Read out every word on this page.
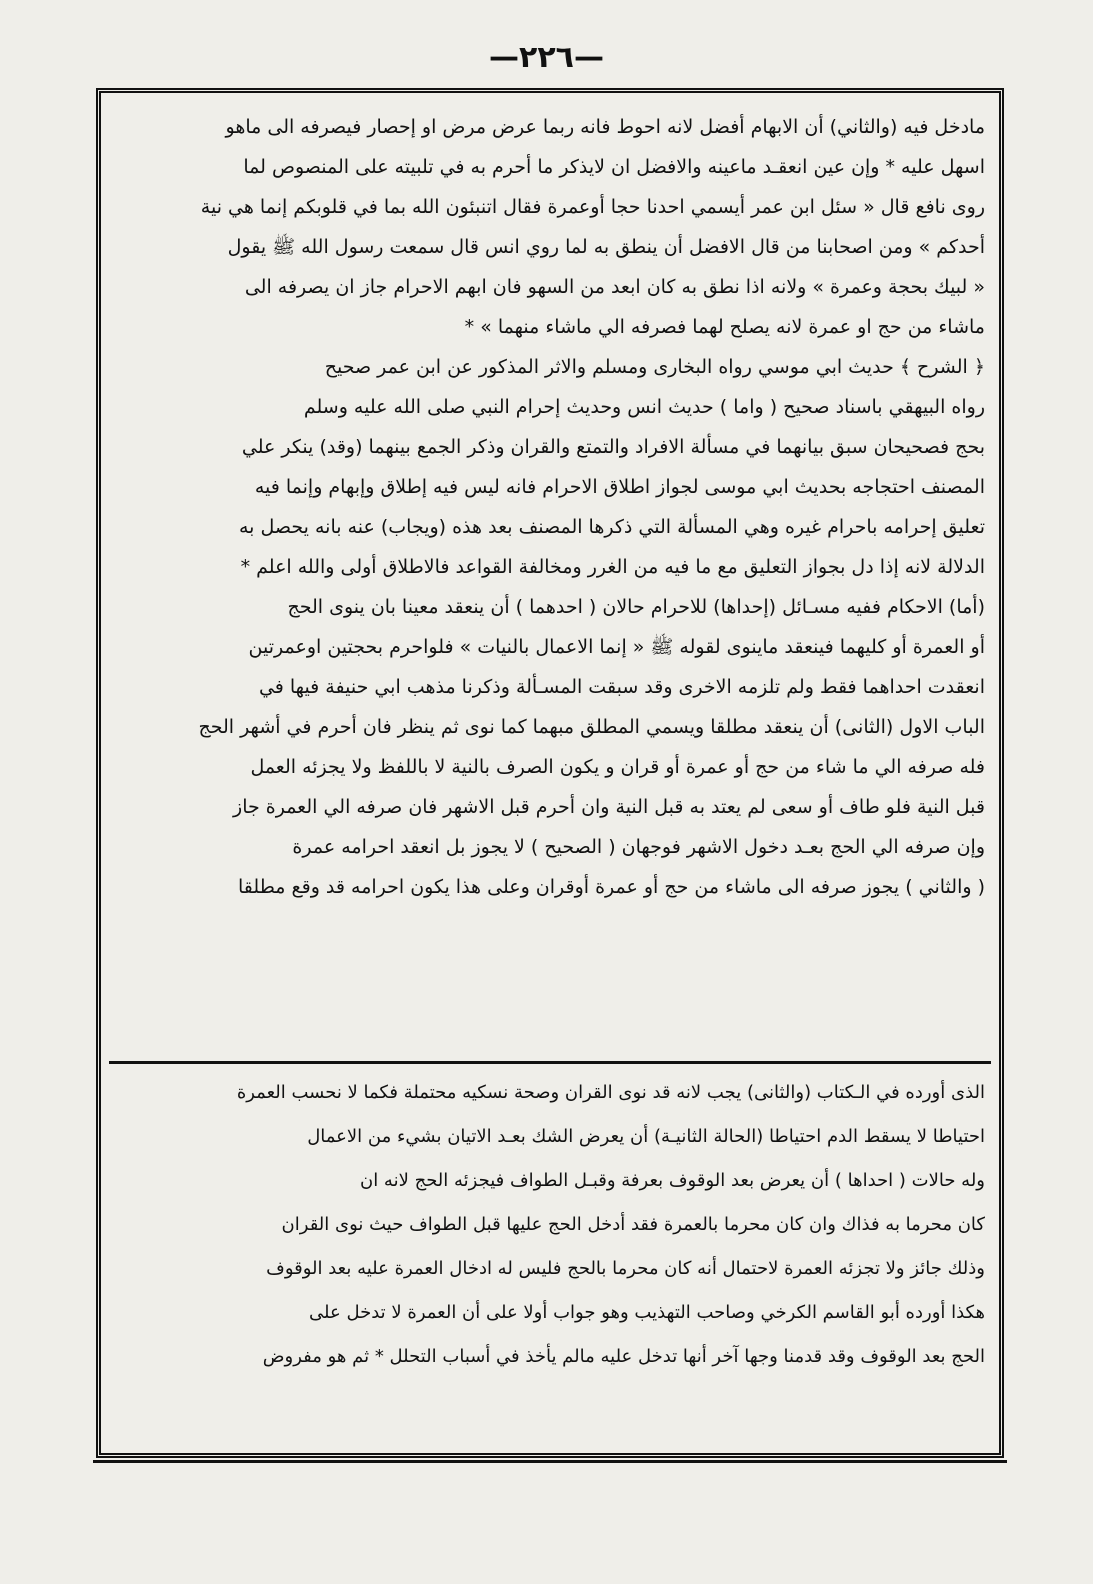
—٢٢٦—
مادخل فيه (والثاني) أن الابهام أفضل لانه احوط فانه ربما عرض مرض او إحصار فيصرفه الى ماهو
اسهل عليه * وإن عين انعقـد ماعينه والافضل ان لايذكر ما أحرم به في تلبيته على المنصوص لما
روى نافع قال « سئل ابن عمر أيسمي احدنا حجا أوعمرة فقال اتنبئون الله بما في قلوبكم إنما هي نية
أحدكم » ومن اصحابنا من قال الافضل أن ينطق به لما روي انس قال سمعت رسول الله ﷺ يقول
« لبيك بحجة وعمرة » ولانه اذا نطق به كان ابعد من السهو فان ابهم الاحرام جاز ان يصرفه الى
ماشاء من حج او عمرة لانه يصلح لهما فصرفه الي ماشاء منهما » *
﴿ الشرح ﴾ حديث ابي موسي رواه البخارى ومسلم والاثر المذكور عن ابن عمر صحيح
رواه البيهقي باسناد صحيح ( واما ) حديث انس وحديث إحرام النبي صلى الله عليه وسلم
بحج فصحيحان سبق بيانهما في مسألة الافراد والتمتع والقران وذكر الجمع بينهما (وقد) ينكر علي
المصنف احتجاجه بحديث ابي موسى لجواز اطلاق الاحرام فانه ليس فيه إطلاق وإبهام وإنما فيه
تعليق إحرامه باحرام غيره وهي المسألة التي ذكرها المصنف بعد هذه (ويجاب) عنه بانه يحصل به
الدلالة لانه إذا دل بجواز التعليق مع ما فيه من الغرر ومخالفة القواعد فالاطلاق أولى والله اعلم *
(أما) الاحكام ففيه مسـائل (إحداها) للاحرام حالان ( احدهما ) أن ينعقد معينا بان ينوى الحج
أو العمرة أو كليهما فينعقد ماينوى لقوله ﷺ « إنما الاعمال بالنيات » فلواحرم بحجتين اوعمرتين
انعقدت احداهما فقط ولم تلزمه الاخرى وقد سبقت المسـألة وذكرنا مذهب ابي حنيفة فيها في
الباب الاول (الثانى) أن ينعقد مطلقا ويسمي المطلق مبهما كما نوى ثم ينظر فان أحرم في أشهر الحج
فله صرفه الي ما شاء من حج أو عمرة أو قران و يكون الصرف بالنية لا باللفظ ولا يجزئه العمل
قبل النية فلو طاف أو سعى لم يعتد به قبل النية وان أحرم قبل الاشهر فان صرفه الي العمرة جاز
وإن صرفه الي الحج بعـد دخول الاشهر فوجهان ( الصحيح ) لا يجوز بل انعقد احرامه عمرة
( والثاني ) يجوز صرفه الى ماشاء من حج أو عمرة أوقران وعلى هذا يكون احرامه قد وقع مطلقا
الذى أورده في الـكتاب (والثانى) يجب لانه قد نوى القران وصحة نسكيه محتملة فكما لا نحسب العمرة
احتياطا لا يسقط الدم احتياطا (الحالة الثانيـة) أن يعرض الشك بعـد الاتيان بشيء من الاعمال
وله حالات ( احداها ) أن يعرض بعد الوقوف بعرفة وقبـل الطواف فيجزئه الحج لانه ان
كان محرما به فذاك وان كان محرما بالعمرة فقد أدخل الحج عليها قبل الطواف حيث نوى القران
وذلك جائز ولا تجزئه العمرة لاحتمال أنه كان محرما بالحج فليس له ادخال العمرة عليه بعد الوقوف
هكذا أورده أبو القاسم الكرخي وصاحب التهذيب وهو جواب أولا على أن العمرة لا تدخل على
الحج بعد الوقوف وقد قدمنا وجها آخر أنها تدخل عليه مالم يأخذ في أسباب التحلل * ثم هو مفروض
